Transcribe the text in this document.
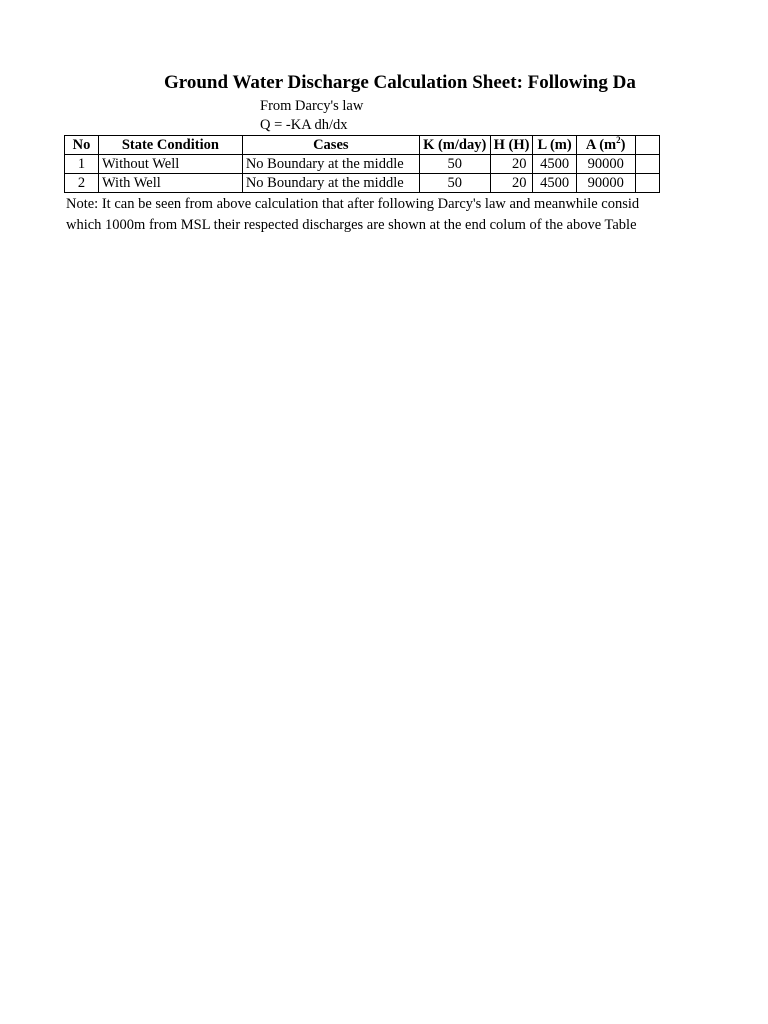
Ground Water Discharge Calculation Sheet: Following Da
From Darcy's law
Q = -KA dh/dx
No	State Condition	Cases	K (m/day)	H (H)	L (m)	A $(m^2)$	
1	Without Well	No Boundary at the middle	50	20	4500	90000	
2	With Well	No Boundary at the middle	50	20	4500	90000	
Note: It can be seen from above calculation that after following Darcy's law and meanwhile consid
which 1000m from MSL their respected discharges are shown at the end colum of the above Table
